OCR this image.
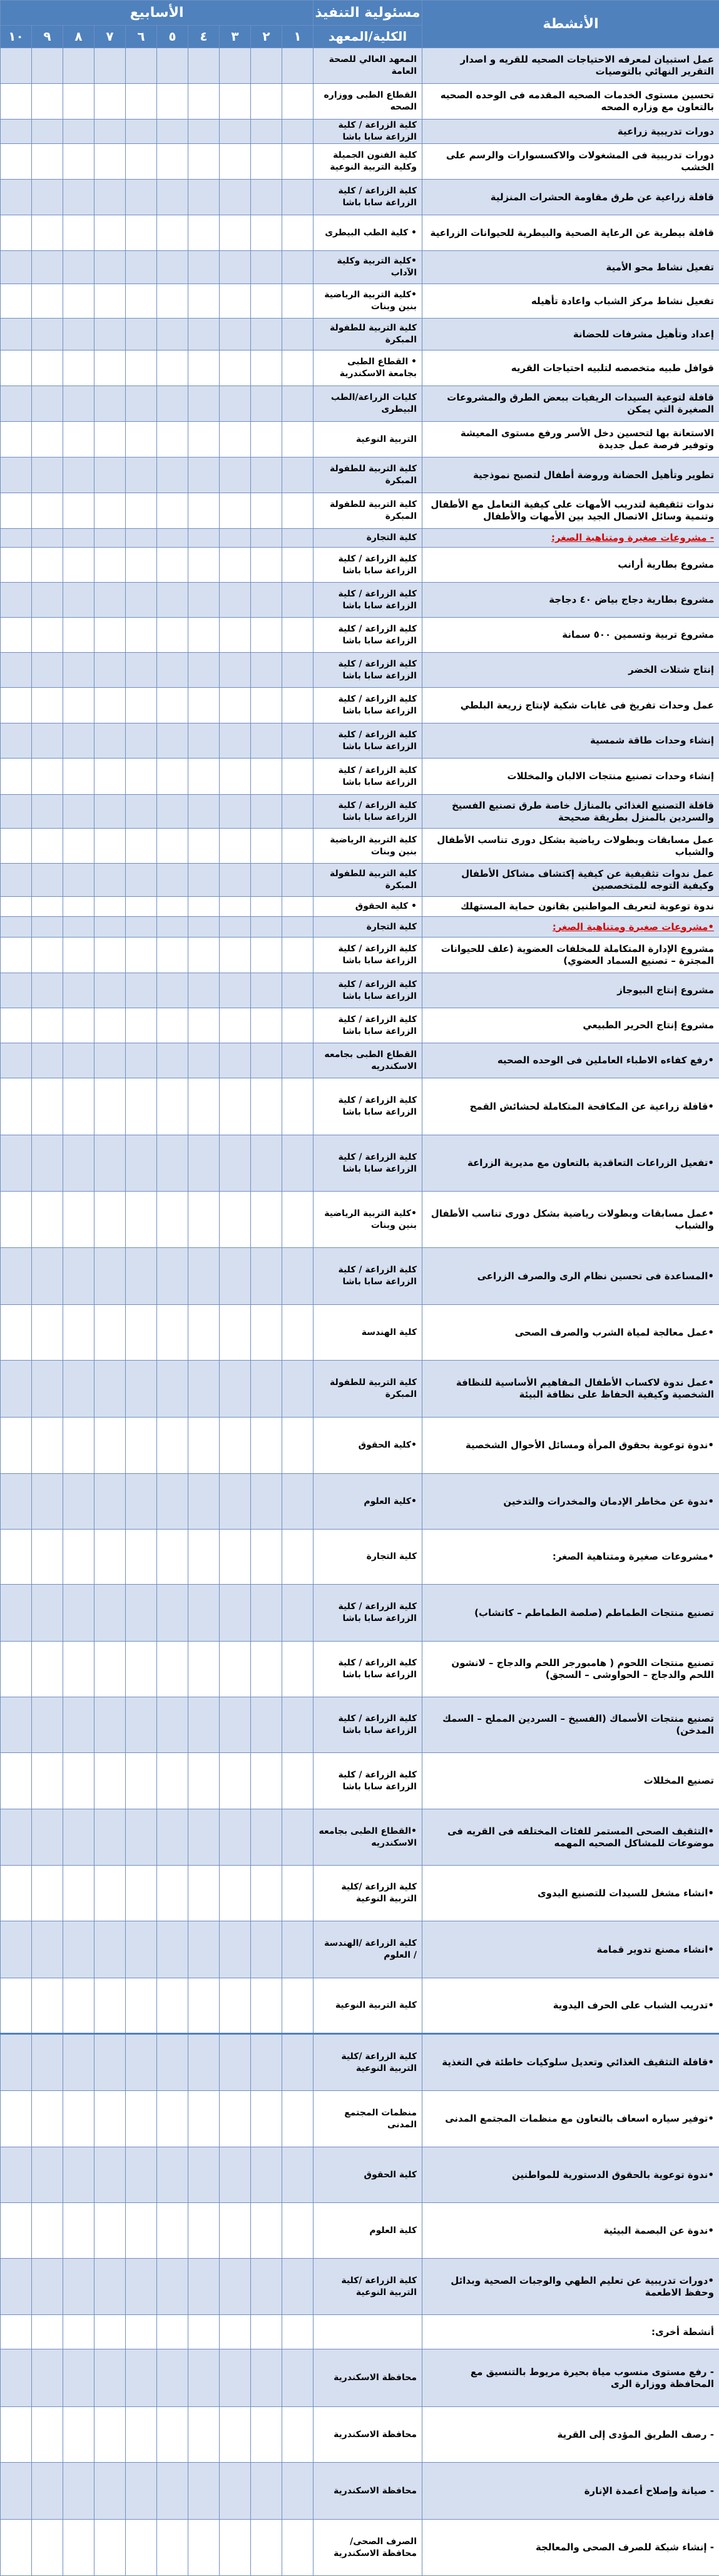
الأنشطة	مسئولية التنفيذ	الأسابيع									
	الكلية/المعهد	١	٢	٣	٤	٥	٦	٧	٨	٩	١٠
عمل استبيان لمعرفه الاحتياجات الصحيه للقريه و اصدار التقرير النهائي بالتوصيات	المعهد العالي للصحة العامة										
تحسين مستوى الخدمات الصحيه المقدمه فى الوحده الصحيه بالتعاون مع وزاره الصحه	القطاع الطبى ووزاره الصحه										
دورات تدريبية زراعية	كلية الزراعة / كلية الزراعة سابا باشا										
دورات تدريبية فى المشغولات والاكسسوارات والرسم على الخشب	كلية الفنون الجميلة وكلية التربية النوعية										
قافلة زراعية عن طرق مقاومة الحشرات المنزلية	كلية الزراعة / كلية الزراعة سابا باشا										
قافلة بيطرية عن الرعاية الصحية والبيطرية للحيوانات الزراعية	• كلية الطب البيطرى										
تفعيل نشاط محو الأمية	•كلية التربية وكلية الآداب										
تفعيل نشاط مركز الشباب واعادة تأهيله	•كلية التربية الرياضية بنين وبنات										
إعداد وتأهيل مشرفات للحضانة	كلية التربية للطفولة المبكرة										
قوافل طبيه متخصصه لتلبيه احتياجات القريه	• القطاع الطبى بجامعة الاسكندرية										
قافلة لتوعية السيدات الريفيات ببعض الطرق والمشروعات الصغيرة التي يمكن	كليات الزراعة/الطب البيطرى										
الاستعانة بها لتحسين دخل الأسر ورفع مستوى المعيشة وتوفير فرصة عمل جديدة	التربية النوعية										
تطوير وتأهيل الحضانة وروضة أطفال لتصبح نموذجية	كلية التربية للطفولة المبكرة										
ندوات تثقيفية لتدريب الأمهات على كيفية التعامل مع الأطفال وتنمية وسائل الاتصال الجيد بين الأمهات والأطفال	كلية التربية للطفولة المبكرة										
- مشروعات صغيرة ومتناهية الصغر:	كلية التجارة										
مشروع بطارية أرانب	كلية الزراعة / كلية الزراعة سابا باشا										
مشروع بطارية دجاج بياض ٤٠ دجاجة	كلية الزراعة / كلية الزراعة سابا باشا										
مشروع تربية وتسمين ٥٠٠ سمانة	كلية الزراعة / كلية الزراعة سابا باشا										
إنتاج شتلات الخضر	كلية الزراعة / كلية الزراعة سابا باشا										
عمل وحدات تفريخ فى غابات شكية لإنتاج زريعة البلطي	كلية الزراعة / كلية الزراعة سابا باشا										
إنشاء وحدات طاقة شمسية	كلية الزراعة / كلية الزراعة سابا باشا										
إنشاء وحدات تصنيع منتجات الالبان والمخللات	كلية الزراعة / كلية الزراعة سابا باشا										
قافلة التصنيع الغذائي بالمنازل خاصة طرق تصنيع الفسيخ والسردين بالمنزل بطريقة صحيحة	كلية الزراعة / كلية الزراعة سابا باشا										
عمل مسابقات وبطولات رياضية بشكل دورى تناسب الأطفال والشباب	كلية التربية الرياضية بنين وبنات										
عمل ندوات تثقيفية عن كيفية إكتشاف مشاكل الأطفال وكيفية التوجه للمتخصصين	كلية التربية للطفولة المبكرة										
ندوة توعوية لتعريف المواطنين بقانون حماية المستهلك	• كلية الحقوق										
•مشروعات صغيرة ومتناهية الصغر:	كلية التجارة										
مشروع الإدارة المتكاملة للمخلفات العضوية (علف للحيوانات المجترة – تصنيع السماد العضوي)	كلية الزراعة / كلية الزراعة سابا باشا										
مشروع إنتاج البيوجاز	كلية الزراعة / كلية الزراعة سابا باشا										
مشروع إنتاج الحرير الطبيعي	كلية الزراعة / كلية الزراعة سابا باشا										
•رفع كفاءه الاطباء العاملين فى الوحده الصحيه	القطاع الطبى بجامعه الاسكندريه										
•قافلة زراعية عن المكافحة المتكاملة لحشائش القمح	كلية الزراعة / كلية الزراعة سابا باشا										
•تفعيل الزراعات التعاقدية بالتعاون مع مديرية الزراعة	كلية الزراعة / كلية الزراعة سابا باشا										
•عمل مسابقات وبطولات رياضية بشكل دورى تناسب الأطفال والشباب	•كلية التربية الرياضية بنين وبنات										
•المساعدة فى تحسين نظام الرى والصرف الزراعى	كلية الزراعة / كلية الزراعة سابا باشا										
•عمل معالجة لمياة الشرب والصرف الصحى	كلية الهندسة										
•عمل ندوة لاكساب الأطفال المفاهيم الأساسية للنظافة الشخصية وكيفية الحفاظ على نظافة البيئة	كلية التربية للطفولة المبكرة										
•ندوة توعوية بحقوق المرأة ومسائل الأحوال الشخصية	•كلية الحقوق										
•ندوة عن مخاطر الإدمان والمخدرات والتدخين	•كلية العلوم										
•مشروعات صغيرة ومتناهية الصغر:	كلية التجارة										
تصنيع منتجات الطماطم (صلصة الطماطم – كاتشاب)	كلية الزراعة / كلية الزراعة سابا باشا										
تصنيع منتجات اللحوم ( هامبورجر اللحم والدجاج – لانشون اللحم والدجاج – الحواوشى – السجق)	كلية الزراعة / كلية الزراعة سابا باشا										
تصنيع منتجات الأسماك (الفسيخ – السردين المملح – السمك المدخن)	كلية الزراعة / كلية الزراعة سابا باشا										
تصنيع المخللات	كلية الزراعة / كلية الزراعة سابا باشا										
•التثقيف الصحى المستمر للفئات المختلفه فى القريه فى موضوعات للمشاكل الصحيه المهمه	•القطاع الطبى بجامعه الاسكندريه										
•انشاء مشغل للسيدات للتصنيع اليدوى	كلية الزراعة /كلية التربية النوعية										
•انشاء مصنع تدوير قمامة	كلية الزراعة /الهندسة / العلوم										
•تدريب الشباب على الحرف اليدوية	كلية التربية النوعية										
•قافلة التثقيف الغذائي وتعديل سلوكيات خاطئة في التغذية	كلية الزراعة /كلية التربية النوعية										
•توفير سياره اسعاف بالتعاون مع منظمات المجتمع المدنى	منظمات المجتمع المدنى										
•ندوة توعوية بالحقوق الدستورية للمواطنين	كلية الحقوق										
•ندوة عن البصمة البيئية	كلية العلوم										
•دورات تدريبية عن تعليم الطهي والوجبات الصحية وبدائل وحفظ الاطعمة	كلية الزراعة /كلية التربية النوعية										
أنشطة أخرى:											
- رفع مستوى منسوب مياة بحيرة مريوط بالتنسيق مع المحافظة ووزارة الرى	محافظة الاسكندرية										
- رصف الطريق المؤدى إلى القرية	محافظة الاسكندرية										
- صيانة وإصلاح أعمدة الإنارة	محافظة الاسكندرية										
- إنشاء شبكة للصرف الصحى والمعالجة	الصرف الصحى/محافظة الاسكندرية										
